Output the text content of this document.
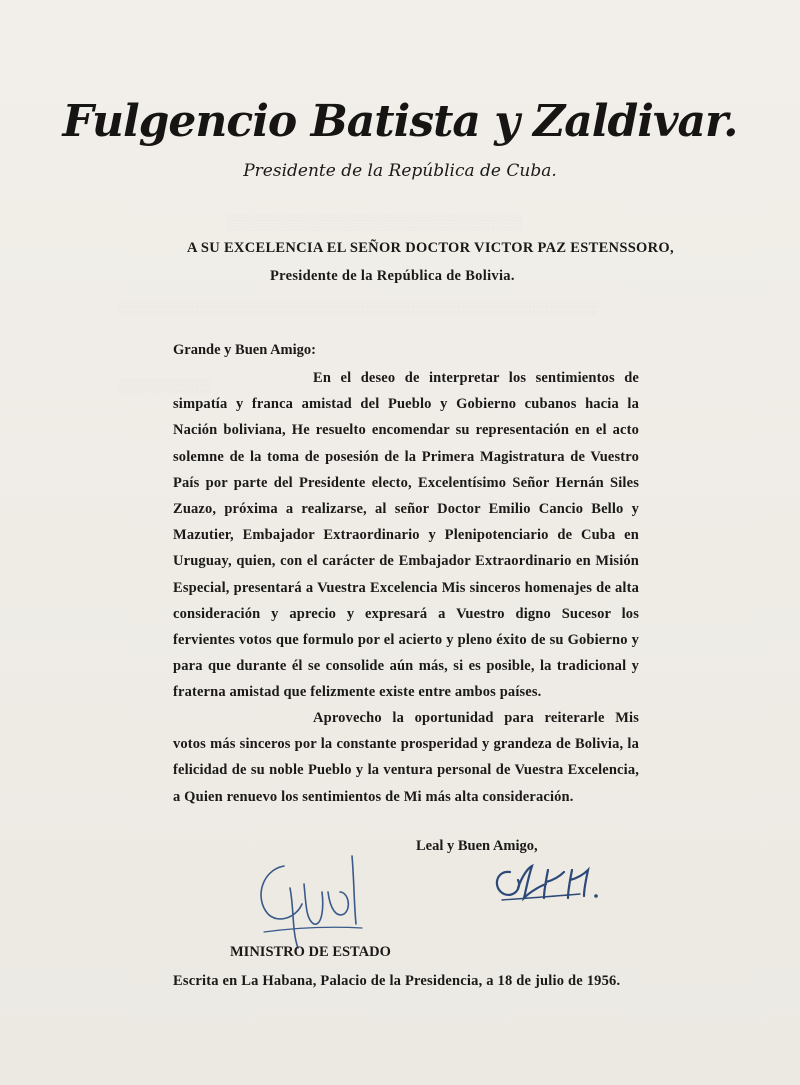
░░░░░░░░░░░░░░░░░░░░░░░░░░░░
░░░░░░░░░░░░░░░░░░░░░░░░░░░░░░░░░░░░░░░░░░░░░░░░░░░░
░░░░░░░░░░
Fulgencio Batista y Zaldivar.
Presidente de la República de Cuba.
A SU EXCELENCIA EL SEÑOR DOCTOR VICTOR PAZ ESTENSSORO,
Presidente de la República de Bolivia.
Grande y Buen Amigo:
En el deseo de interpretar los sentimientos de simpatía y franca amistad del Pueblo y Gobierno cubanos hacia la Nación boliviana, He resuelto encomendar su representación en el acto solemne de la toma de posesión de la Primera Magistratura de Vuestro País por parte del Presidente electo, Excelentísimo Señor Hernán Siles Zuazo, próxima a realizarse, al señor Doctor Emilio Cancio Bello y Mazutier, Embajador Extraordinario y Plenipotenciario de Cuba en Uruguay, quien, con el carácter de Embajador Extraordinario en Misión Especial, presentará a Vuestra Excelencia Mis sinceros homenajes de alta consideración y aprecio y expresará a Vuestro digno Sucesor los fervientes votos que formulo por el acierto y pleno éxito de su Gobierno y para que durante él se consolide aún más, si es posible, la tradicional y fraterna amistad que felizmente existe entre ambos países.
Aprovecho la oportunidad para reiterarle Mis votos más sinceros por la constante prosperidad y grandeza de Bolivia, la felicidad de su noble Pueblo y la ventura personal de Vuestra Excelencia, a Quien renuevo los sentimientos de Mi más alta consideración.
Leal y Buen Amigo,
MINISTRO DE ESTADO
Escrita en La Habana, Palacio de la Presidencia, a 18 de julio de 1956.
